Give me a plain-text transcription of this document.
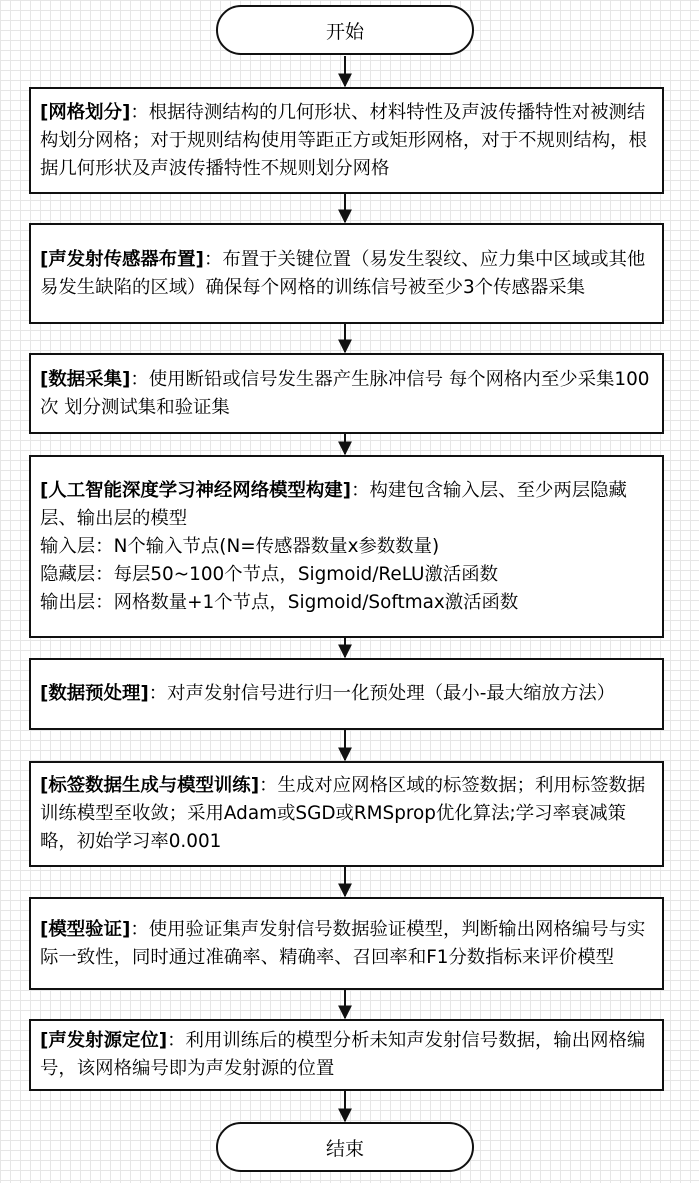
开始
[网格划分]：根据待测结构的几何形状、材料特性及声波传播特性对被测结构划分网格；对于规则结构使用等距正方或矩形网格，对于不规则结构，根据几何形状及声波传播特性不规则划分网格
[声发射传感器布置]：布置于关键位置（易发生裂纹、应力集中区域或其他易发生缺陷的区域）确保每个网格的训练信号被至少3个传感器采集
[数据采集]：使用断铅或信号发生器产生脉冲信号 每个网格内至少采集100次 划分测试集和验证集
[人工智能深度学习神经网络模型构建]：构建包含输入层、至少两层隐藏层、输出层的模型
输入层：N个输入节点(N=传感器数量x参数数量)
隐藏层：每层50~100个节点，Sigmoid/ReLU激活函数
输出层：网格数量+1个节点，Sigmoid/Softmax激活函数
[数据预处理]：对声发射信号进行归一化预处理（最小-最大缩放方法）
[标签数据生成与模型训练]：生成对应网格区域的标签数据；利用标签数据训练模型至收敛；采用Adam或SGD或RMSprop优化算法;学习率衰减策略，初始学习率0.001
[模型验证]：使用验证集声发射信号数据验证模型，判断输出网格编号与实际一致性，同时通过准确率、精确率、召回率和F1分数指标来评价模型
[声发射源定位]：利用训练后的模型分析未知声发射信号数据，输出网格编号，该网格编号即为声发射源的位置
结束
